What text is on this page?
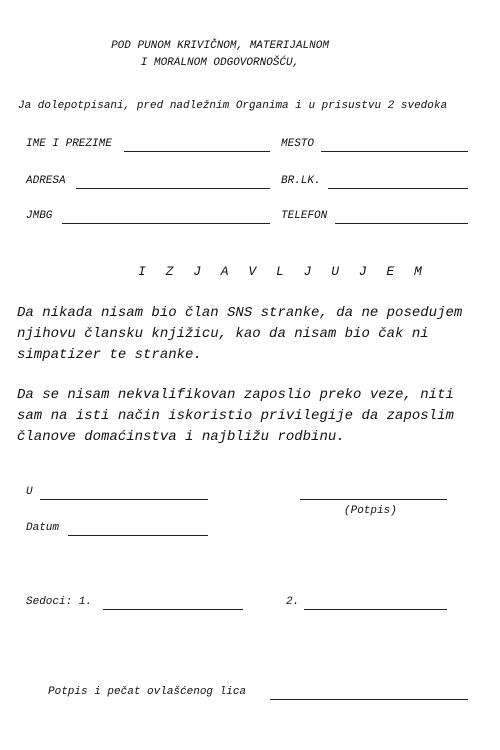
POD PUNOM KRIVIČNOM, MATERIJALNOM
I MORALNOM ODGOVORNOŠĆU,
Ja dolepotpisani, pred nadležnim Organima i u prisustvu 2 svedoka
IME I PREZIME	MESTO
ADRESA	BR.LK.
JMBG	TELEFON
I Z J A V L J U J E M
Da nikada nisam bio član SNS stranke, da ne posedujem
njihovu člansku knjižicu, kao da nisam bio čak ni
simpatizer te stranke.
Da se nisam nekvalifikovan zaposlio preko veze, niti
sam na isti način iskoristio privilegije da zaposlim
članove domaćinstva i najbližu rodbinu.
U
(Potpis)
Datum
Sedoci: 1.	2.
Potpis i pečat ovlašćenog lica
